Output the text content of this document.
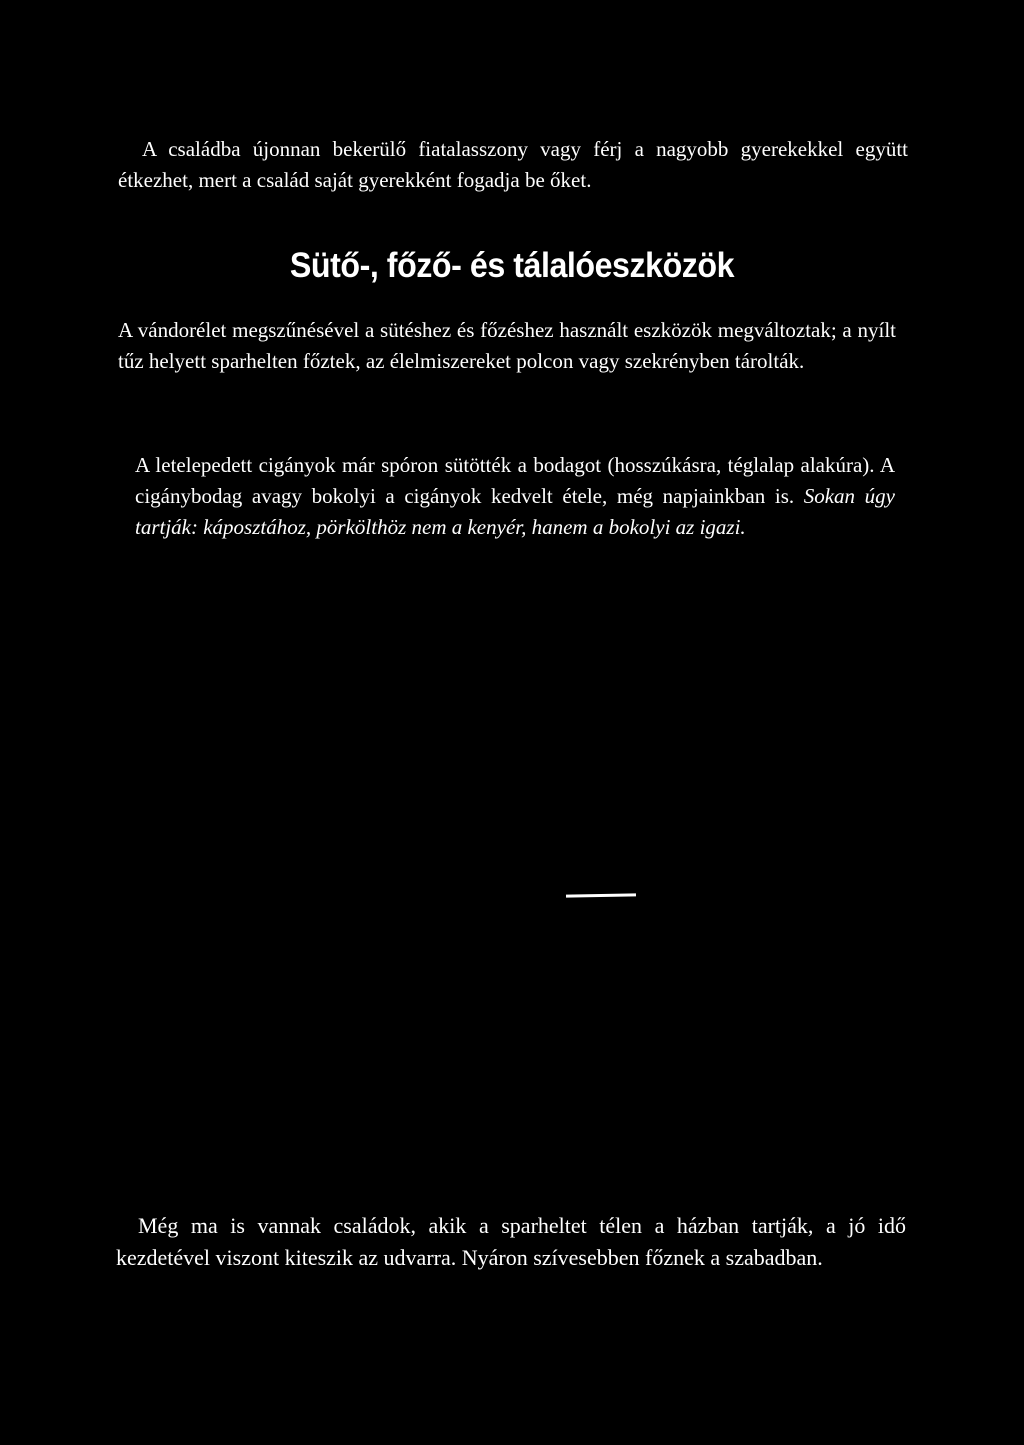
A családba újonnan bekerülő fiatalasszony vagy férj a nagyobb gyerekekkel együtt étkezhet, mert a család saját gyerekként fogadja be őket.

Sütő-, főző- és tálalóeszközök

A vándorélet megszűnésével a sütéshez és főzéshez használt eszközök megváltoztak; a nyílt tűz helyett sparhelten főztek, az élelmiszereket polcon vagy szekrényben tárolták.

A letelepedett cigányok már spóron sütötték a bodagot (hosszúkásra, téglalap alakúra). A cigánybodag avagy bokolyi a cigányok kedvelt étele, még napjainkban is. Sokan úgy tartják: káposztához, pörkölthöz nem a kenyér, hanem a bokolyi az igazi.

Még ma is vannak családok, akik a sparheltet télen a házban tartják, a jó idő kezdetével viszont kiteszik az udvarra. Nyáron szívesebben főznek a szabadban.
